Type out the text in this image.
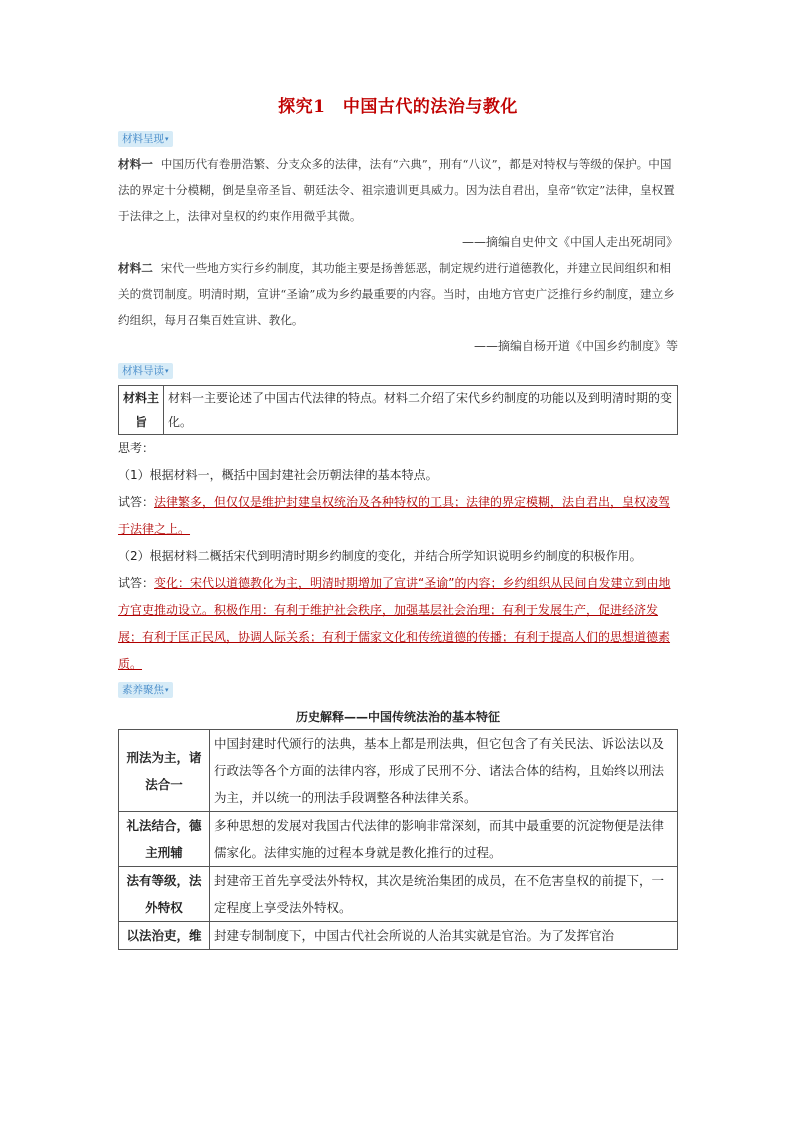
探究1　中国古代的法治与教化
材料呈现 ▾

材料一 中国历代有卷册浩繁、分支众多的法律，法有“六典”，刑有“八议”，都是对特权与等级的保护。中国法的界定十分模糊，倒是皇帝圣旨、朝廷法令、祖宗遗训更具威力。因为法自君出，皇帝“钦定”法律，皇权置于法律之上，法律对皇权的约束作用微乎其微。

——摘编自史仲文《中国人走出死胡同》

材料二 宋代一些地方实行乡约制度，其功能主要是扬善惩恶，制定规约进行道德教化，并建立民间组织和相关的赏罚制度。明清时期，宣讲“圣谕”成为乡约最重要的内容。当时，由地方官吏广泛推行乡约制度，建立乡约组织，每月召集百姓宣讲、教化。

——摘编自杨开道《中国乡约制度》等
材料导读 ▾
材料主旨	材料一主要论述了中国古代法律的特点。材料二介绍了宋代乡约制度的功能以及到明清时期的变化。

思考：

（1）根据材料一，概括中国封建社会历朝法律的基本特点。

试答：法律繁多，但仅仅是维护封建皇权统治及各种特权的工具；法律的界定模糊，法自君出，皇权凌驾于法律之上。

（2）根据材料二概括宋代到明清时期乡约制度的变化，并结合所学知识说明乡约制度的积极作用。

试答：变化：宋代以道德教化为主，明清时期增加了宣讲“圣谕”的内容；乡约组织从民间自发建立到由地方官吏推动设立。积极作用：有利于维护社会秩序，加强基层社会治理；有利于发展生产，促进经济发展；有利于匡正民风，协调人际关系；有利于儒家文化和传统道德的传播；有利于提高人们的思想道德素质。

素养聚焦 ▾
历史解释——中国传统法治的基本特征
刑法为主，诸法合一	中国封建时代颁行的法典，基本上都是刑法典，但它包含了有关民法、诉讼法以及行政法等各个方面的法律内容，形成了民刑不分、诸法合体的结构，且始终以刑法为主，并以统一的刑法手段调整各种法律关系。
礼法结合，德主刑辅	多种思想的发展对我国古代法律的影响非常深刻，而其中最重要的沉淀物便是法律儒家化。法律实施的过程本身就是教化推行的过程。
法有等级，法外特权	封建帝王首先享受法外特权，其次是统治集团的成员，在不危害皇权的前提下，一定程度上享受法外特权。
以法治吏，维	封建专制制度下，中国古代社会所说的人治其实就是官治。为了发挥官治
